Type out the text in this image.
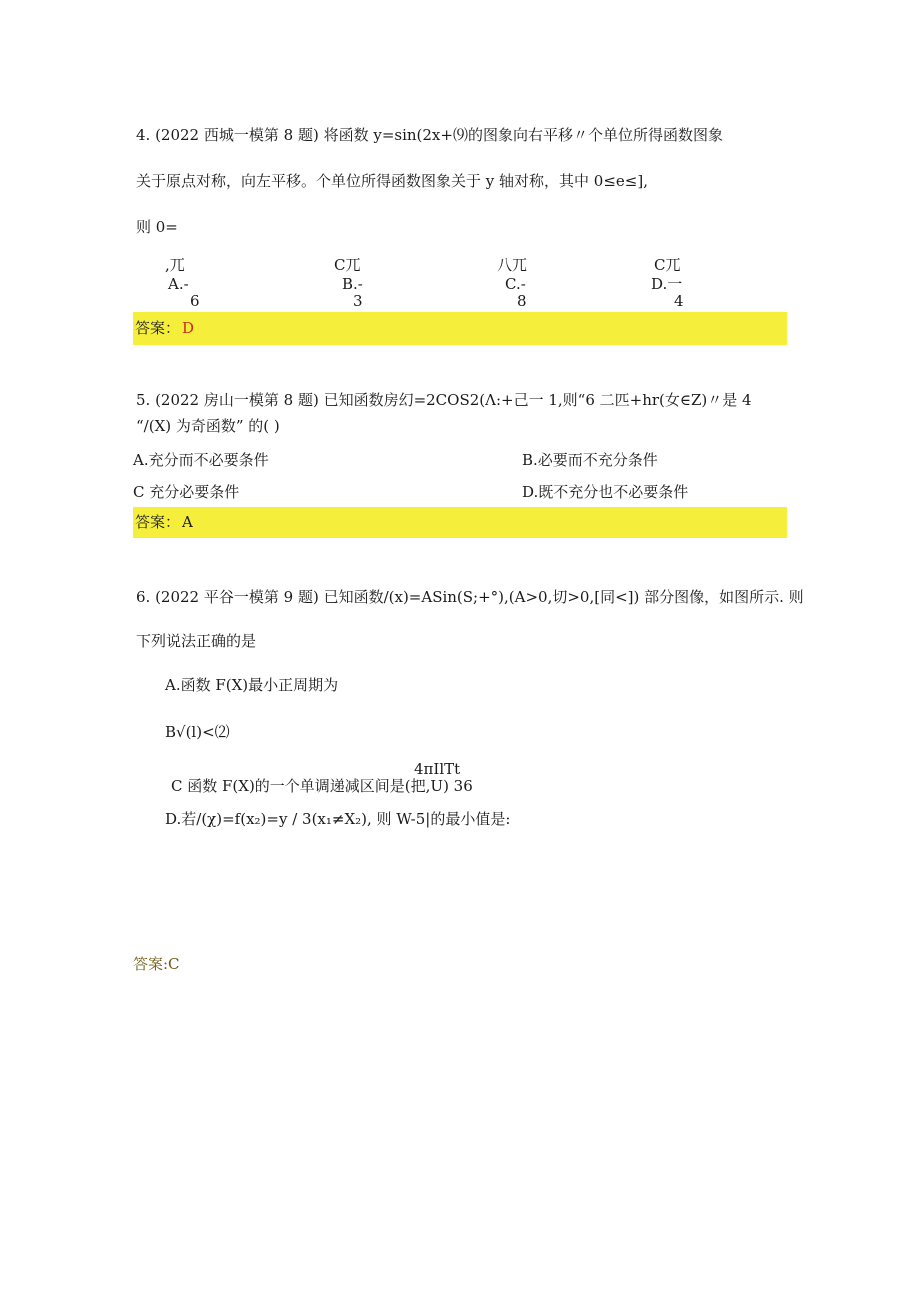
4. (2022 西城一模第 8 题) 将函数 y=sin(2x+⑼的图象向右平移〃个单位所得函数图象
关于原点对称，向左平移。个单位所得函数图象关于 y 轴对称，其中 0≤e≤],
则 0=
,兀
A.-
6
C兀
B.-
3
八兀
C.-
8
C兀
D.一
4
答案： D
5. (2022 房山一模第 8 题) 已知函数房幻=2COS2(Λ:+己一 1,则“6 二匹+hr(女∈Z)〃是 4
“/(X) 为奇函数” 的( )
A.充分而不必要条件	B.必要而不充分条件
C 充分必要条件	D.既不充分也不必要条件
答案： A
6. (2022 平谷一模第 9 题) 已知函数/(x)=ASin(S;+°),(A>0,切>0,[同<]) 部分图像，如图所示. 则
下列说法正确的是
A.函数 F(X)最小正周期为
B√(l)<⑵
4πIlTt
C 函数 F(X)的一个单调递减区间是(把,U) 36
D.若/(χ)=f(x₂)=y / 3(x₁≠X₂), 则 W-5|的最小值是:
答案:C
